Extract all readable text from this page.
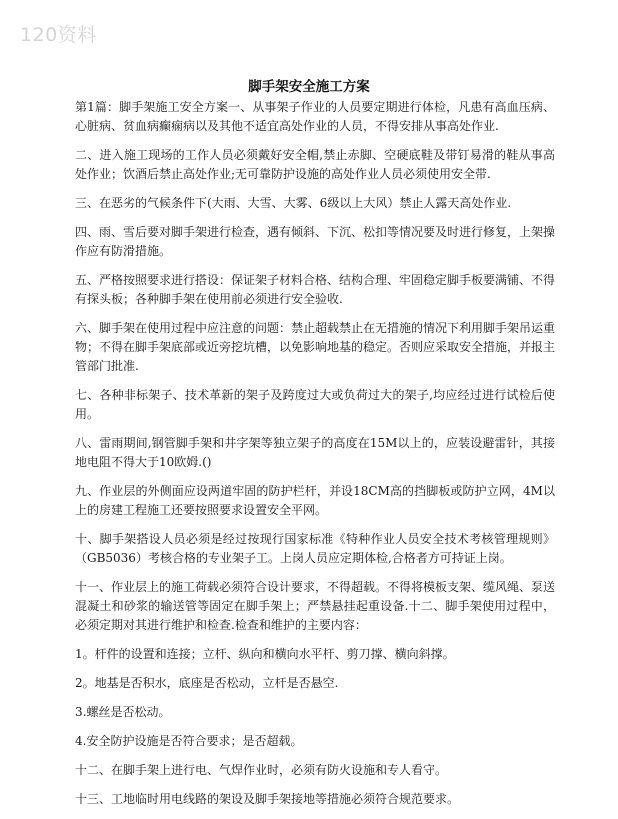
120资料
脚手架安全施工方案

第1篇：脚手架施工安全方案一、从事架子作业的人员要定期进行体检，凡患有高血压病、心脏病、贫血病癫痫病以及其他不适宜高处作业的人员，不得安排从事高处作业.

二、进入施工现场的工作人员必须戴好安全帽,禁止赤脚、空硬底鞋及带钉易滑的鞋从事高处作业；饮酒后禁止高处作业;无可靠防护设施的高处作业人员必须使用安全带.

三、在恶劣的气候条件下(大雨、大雪、大雾、6级以上大风）禁止人露天高处作业.

四、雨、雪后要对脚手架进行检查，遇有倾斜、下沉、松扣等情况要及时进行修复，上架操作应有防滑措施。

五、严格按照要求进行搭设：保证架子材料合格、结构合理、牢固稳定脚手板要满铺、不得有探头板；各种脚手架在使用前必须进行安全验收.

六、脚手架在使用过程中应注意的问题：禁止超载禁止在无措施的情况下利用脚手架吊运重物；不得在脚手架底部或近旁挖坑槽，以免影响地基的稳定。否则应采取安全措施，并报主管部门批准.

七、各种非标架子、技术革新的架子及跨度过大或负荷过大的架子,均应经过进行试检后使用。

八、雷雨期间,钢管脚手架和井字架等独立架子的高度在15M以上的，应装设避雷针，其接地电阻不得大于10欧姆.()

九、作业层的外侧面应设两道牢固的防护栏杆，并设18CM高的挡脚板或防护立网，4M以上的房建工程施工还要按照要求设置安全平网。

十、脚手架搭设人员必须是经过按现行国家标准《特种作业人员安全技术考核管理规则》（GB5036）考核合格的专业架子工。上岗人员应定期体检,合格者方可持证上岗。

十一、作业层上的施工荷载必须符合设计要求，不得超载。不得将模板支架、缆风绳、泵送混凝土和砂浆的输送管等固定在脚手架上；严禁悬挂起重设备.十二、脚手架使用过程中，必须定期对其进行维护和检查.检查和维护的主要内容：

1。杆件的设置和连接；立杆、纵向和横向水平杆、剪刀撑、横向斜撑。

2。地基是否积水，底座是否松动，立杆是否悬空.

3.螺丝是否松动。

4.安全防护设施是否符合要求；是否超载。

十二、在脚手架上进行电、气焊作业时，必须有防火设施和专人看守。

十三、工地临时用电线路的架设及脚手架接地等措施必须符合规范要求。
